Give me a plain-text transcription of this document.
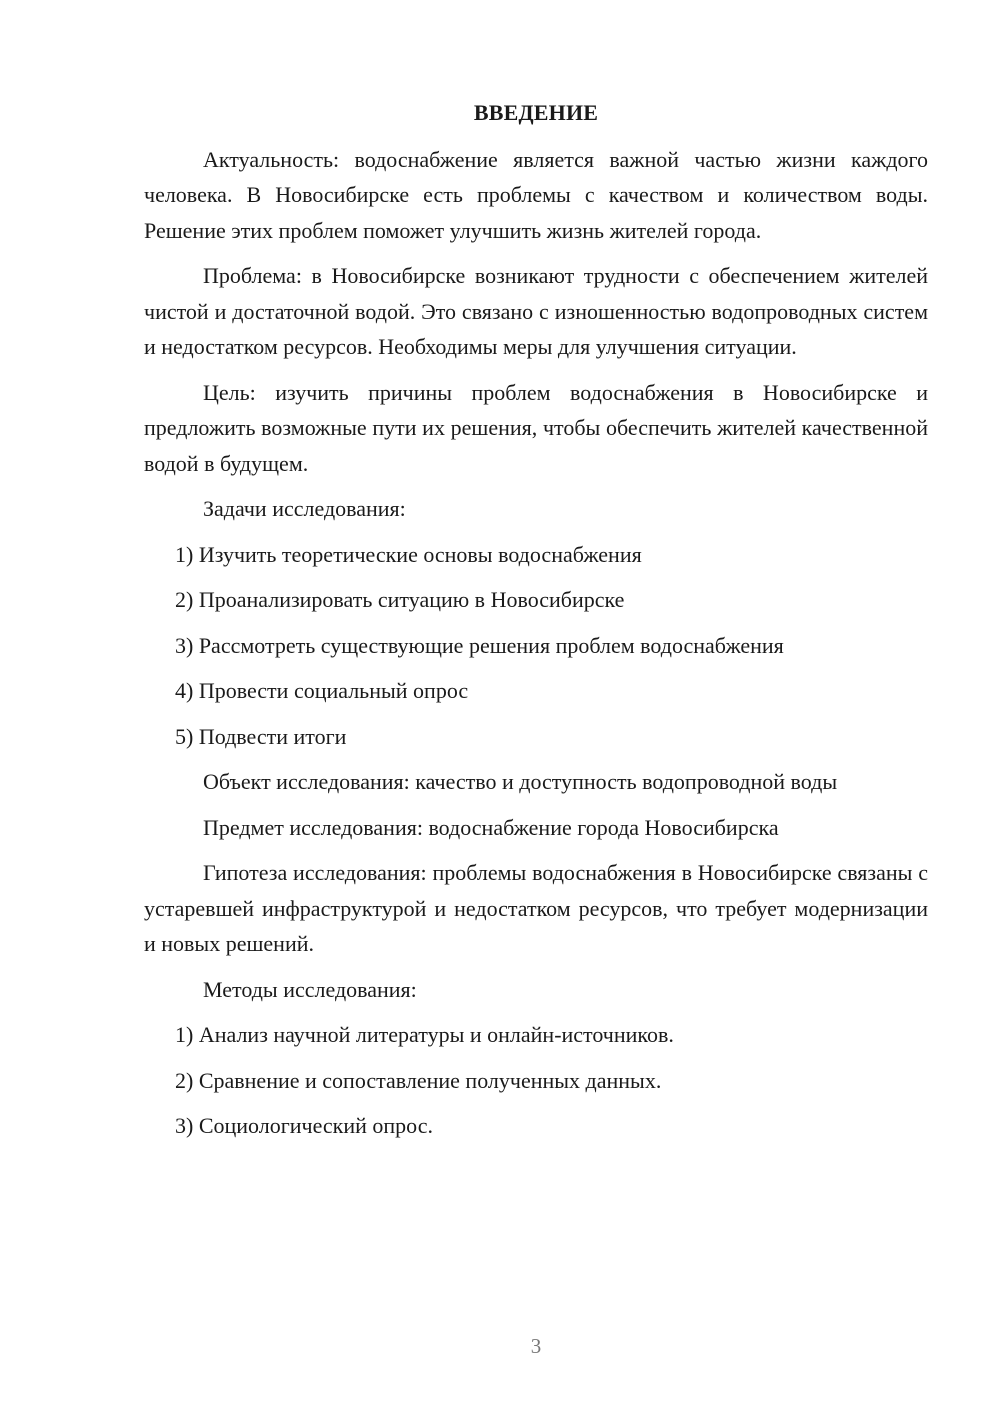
ВВЕДЕНИЕ
Актуальность: водоснабжение является важной частью жизни каждого человека. В Новосибирске есть проблемы с качеством и количеством воды. Решение этих проблем поможет улучшить жизнь жителей города.
Проблема: в Новосибирске возникают трудности с обеспечением жителей чистой и достаточной водой. Это связано с изношенностью водопроводных систем и недостатком ресурсов. Необходимы меры для улучшения ситуации.
Цель: изучить причины проблем водоснабжения в Новосибирске и предложить возможные пути их решения, чтобы обеспечить жителей качественной водой в будущем.
Задачи исследования:
1) Изучить теоретические основы водоснабжения
2) Проанализировать ситуацию в Новосибирске
3) Рассмотреть существующие решения проблем водоснабжения
4) Провести социальный опрос
5) Подвести итоги
Объект исследования: качество и доступность водопроводной воды
Предмет исследования: водоснабжение города Новосибирска
Гипотеза исследования: проблемы водоснабжения в Новосибирске связаны с устаревшей инфраструктурой и недостатком ресурсов, что требует модернизации и новых решений.
Методы исследования:
1) Анализ научной литературы и онлайн-источников.
2) Сравнение и сопоставление полученных данных.
3) Социологический опрос.
3
